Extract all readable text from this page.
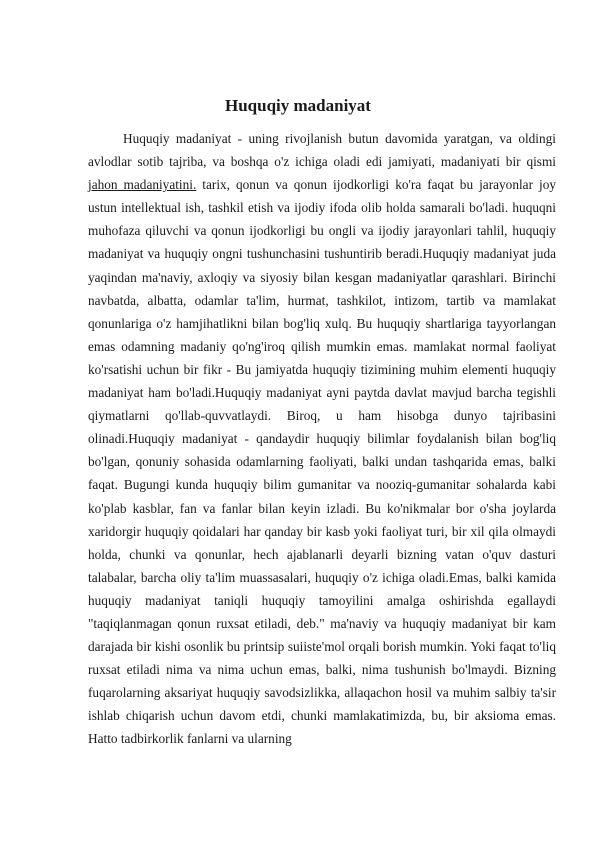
Huquqiy madaniyat

Huquqiy madaniyat - uning rivojlanish butun davomida yaratgan, va oldingi avlodlar sotib tajriba, va boshqa o'z ichiga oladi edi jamiyati, madaniyati bir qismi jahon madaniyatini. tarix, qonun va qonun ijodkorligi ko'ra faqat bu jarayonlar joy ustun intellektual ish, tashkil etish va ijodiy ifoda olib holda samarali bo'ladi. huquqni muhofaza qiluvchi va qonun ijodkorligi bu ongli va ijodiy jarayonlari tahlil, huquqiy madaniyat va huquqiy ongni tushunchasini tushuntirib beradi.Huquqiy madaniyat juda yaqindan ma'naviy, axloqiy va siyosiy bilan kesgan madaniyatlar qarashlari. Birinchi navbatda, albatta, odamlar ta'lim, hurmat, tashkilot, intizom, tartib va mamlakat qonunlariga o'z hamjihatlikni bilan bog'liq xulq. Bu huquqiy shartlariga tayyorlangan emas odamning madaniy qo'ng'iroq qilish mumkin emas. mamlakat normal faoliyat ko'rsatishi uchun bir fikr - Bu jamiyatda huquqiy tizimining muhim elementi huquqiy madaniyat ham bo'ladi.Huquqiy madaniyat ayni paytda davlat mavjud barcha tegishli qiymatlarni qo'llab-quvvatlaydi. Biroq, u ham hisobga dunyo tajribasini olinadi.Huquqiy madaniyat - qandaydir huquqiy bilimlar foydalanish bilan bog'liq bo'lgan, qonuniy sohasida odamlarning faoliyati, balki undan tashqarida emas, balki faqat. Bugungi kunda huquqiy bilim gumanitar va nooziq-gumanitar sohalarda kabi ko'plab kasblar, fan va fanlar bilan keyin izladi. Bu ko'nikmalar bor o'sha joylarda xaridorgir huquqiy qoidalari har qanday bir kasb yoki faoliyat turi, bir xil qila olmaydi holda, chunki va qonunlar, hech ajablanarli deyarli bizning vatan o'quv dasturi talabalar, barcha oliy ta'lim muassasalari, huquqiy o'z ichiga oladi.Emas, balki kamida huquqiy madaniyat taniqli huquqiy tamoyilini amalga oshirishda egallaydi "taqiqlanmagan qonun ruxsat etiladi, deb." ma'naviy va huquqiy madaniyat bir kam darajada bir kishi osonlik bu printsip suiiste'mol orqali borish mumkin. Yoki faqat to'liq ruxsat etiladi nima va nima uchun emas, balki, nima tushunish bo'lmaydi. Bizning fuqarolarning aksariyat huquqiy savodsizlikka, allaqachon hosil va muhim salbiy ta'sir ishlab chiqarish uchun davom etdi, chunki mamlakatimizda, bu, bir aksioma emas. Hatto tadbirkorlik fanlarni va ularning
